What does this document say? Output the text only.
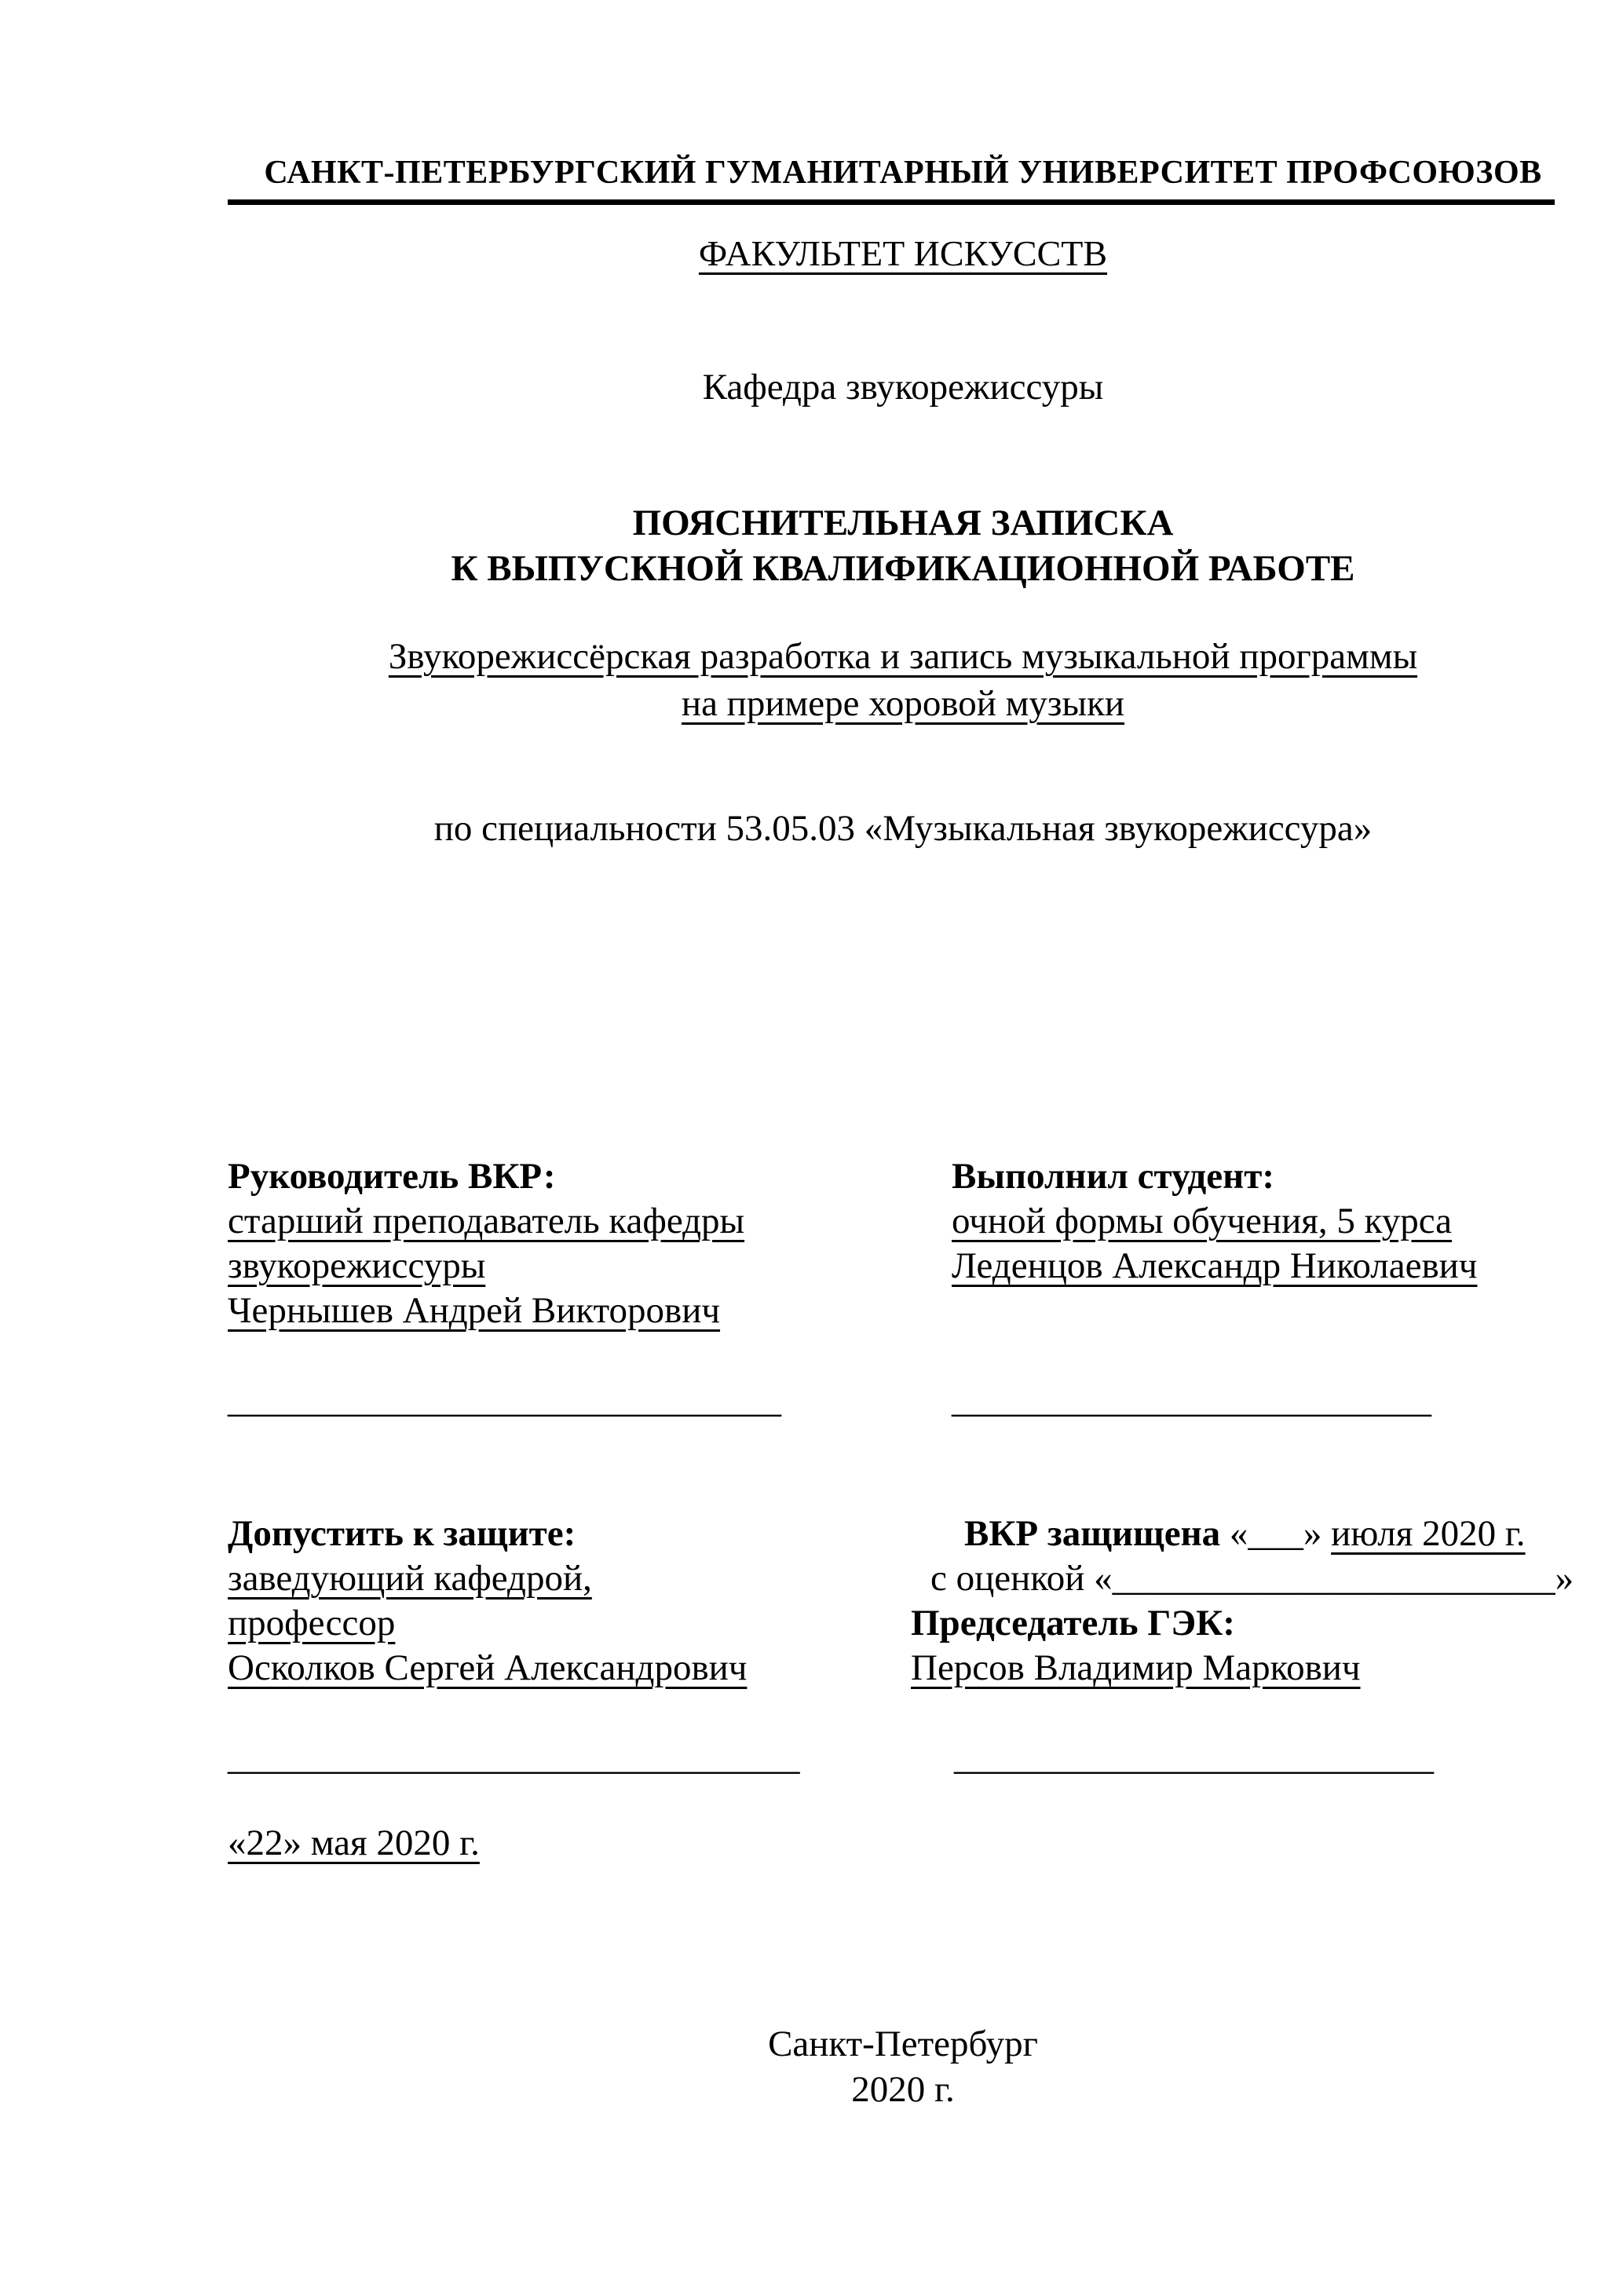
САНКТ-ПЕТЕРБУРГСКИЙ ГУМАНИТАРНЫЙ УНИВЕРСИТЕТ ПРОФСОЮЗОВ
ФАКУЛЬТЕТ ИСКУССТВ
Кафедра звукорежиссуры
ПОЯСНИТЕЛЬНАЯ ЗАПИСКА
К ВЫПУСКНОЙ КВАЛИФИКАЦИОННОЙ РАБОТЕ
Звукорежиссёрская разработка и запись музыкальной программы
на примере хоровой музыки
по специальности 53.05.03 «Музыкальная звукорежиссура»
Руководитель ВКР:
старший преподаватель кафедры
звукорежиссуры
Чернышев Андрей Викторович
______________________________
Выполнил студент:
очной формы обучения, 5 курса
Леденцов Александр Николаевич
__________________________
Допустить к защите:
заведующий кафедрой,
профессор
Осколков Сергей Александрович
_______________________________
ВКР защищена «___» июля 2020 г.
с оценкой «________________________»
Председатель ГЭК:
Персов Владимир Маркович
__________________________
«22» мая 2020 г.
Санкт-Петербург
2020 г.
